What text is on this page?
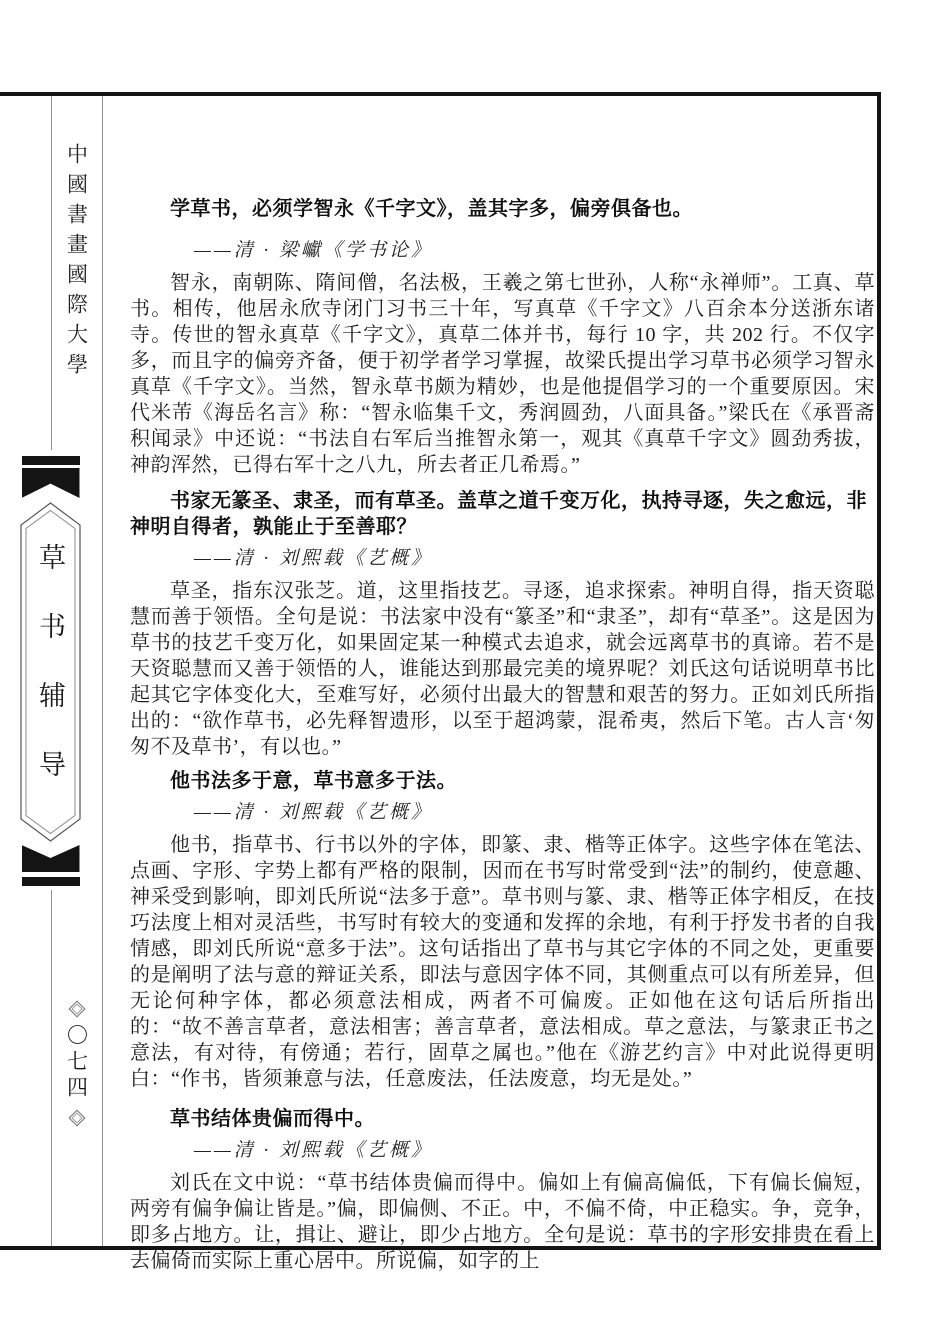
中國書畫國際大學
草书辅导
〇七四

学草书，必须学智永《千字文》，盖其字多，偏旁俱备也。

——清 · 梁巘《学书论》

智永，南朝陈、隋间僧，名法极，王羲之第七世孙，人称“永禅师”。工真、草书。相传，他居永欣寺闭门习书三十年，写真草《千字文》八百余本分送浙东诸寺。传世的智永真草《千字文》，真草二体并书，每行 10 字，共 202 行。不仅字多，而且字的偏旁齐备，便于初学者学习掌握，故梁氏提出学习草书必须学习智永真草《千字文》。当然，智永草书颇为精妙，也是他提倡学习的一个重要原因。宋代米芾《海岳名言》称：“智永临集千文，秀润圆劲，八面具备。”梁氏在《承晋斋积闻录》中还说：“书法自右军后当推智永第一，观其《真草千字文》圆劲秀拔，神韵浑然，已得右军十之八九，所去者正几希焉。”

书家无篆圣、隶圣，而有草圣。盖草之道千变万化，执持寻逐，失之愈远，非神明自得者，孰能止于至善耶？

——清 · 刘熙载《艺概》

草圣，指东汉张芝。道，这里指技艺。寻逐，追求探索。神明自得，指天资聪慧而善于领悟。全句是说：书法家中没有“篆圣”和“隶圣”，却有“草圣”。这是因为草书的技艺千变万化，如果固定某一种模式去追求，就会远离草书的真谛。若不是天资聪慧而又善于领悟的人，谁能达到那最完美的境界呢？刘氏这句话说明草书比起其它字体变化大，至难写好，必须付出最大的智慧和艰苦的努力。正如刘氏所指出的：“欲作草书，必先释智遗形，以至于超鸿蒙，混希夷，然后下笔。古人言‘匆匆不及草书’，有以也。”

他书法多于意，草书意多于法。

——清 · 刘熙载《艺概》

他书，指草书、行书以外的字体，即篆、隶、楷等正体字。这些字体在笔法、点画、字形、字势上都有严格的限制，因而在书写时常受到“法”的制约，使意趣、神采受到影响，即刘氏所说“法多于意”。草书则与篆、隶、楷等正体字相反，在技巧法度上相对灵活些，书写时有较大的变通和发挥的余地，有利于抒发书者的自我情感，即刘氏所说“意多于法”。这句话指出了草书与其它字体的不同之处，更重要的是阐明了法与意的辩证关系，即法与意因字体不同，其侧重点可以有所差异，但无论何种字体，都必须意法相成，两者不可偏废。正如他在这句话后所指出的：“故不善言草者，意法相害；善言草者，意法相成。草之意法，与篆隶正书之意法，有对待，有傍通；若行，固草之属也。”他在《游艺约言》中对此说得更明白：“作书，皆须兼意与法，任意废法，任法废意，均无是处。”

草书结体贵偏而得中。

——清 · 刘熙载《艺概》

刘氏在文中说：“草书结体贵偏而得中。偏如上有偏高偏低，下有偏长偏短，两旁有偏争偏让皆是。”偏，即偏侧、不正。中，不偏不倚，中正稳实。争，竞争，即多占地方。让，揖让、避让，即少占地方。全句是说：草书的字形安排贵在看上去偏倚而实际上重心居中。所说偏，如字的上
